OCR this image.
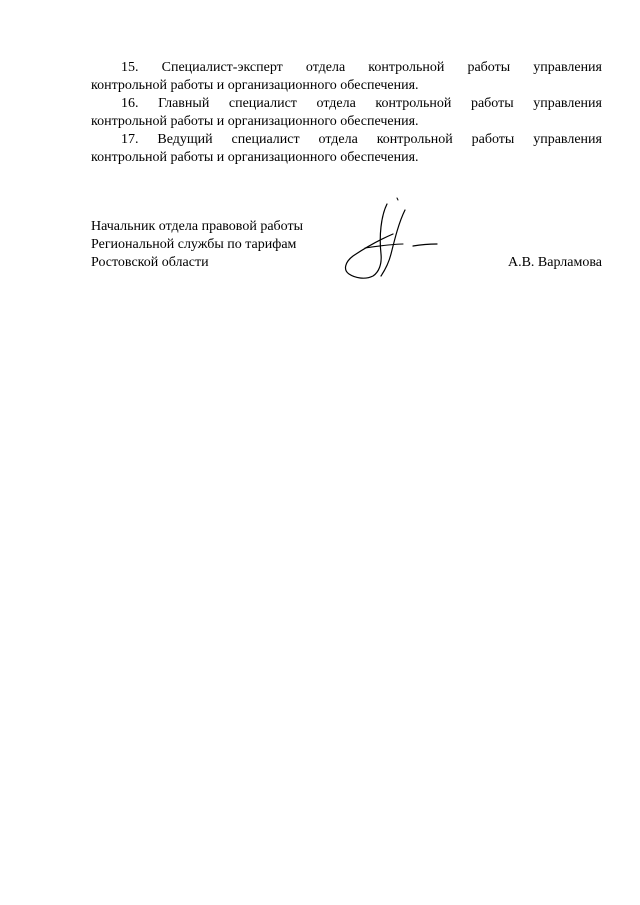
15. Специалист-эксперт отдела контрольной работы управления
контрольной работы и организационного обеспечения.

16. Главный специалист отдела контрольной работы управления
контрольной работы и организационного обеспечения.

17. Ведущий специалист отдела контрольной работы управления
контрольной работы и организационного обеспечения.

Начальник отдела правовой работы
Региональной службы по тарифам
Ростовской области	А.В. Варламова
